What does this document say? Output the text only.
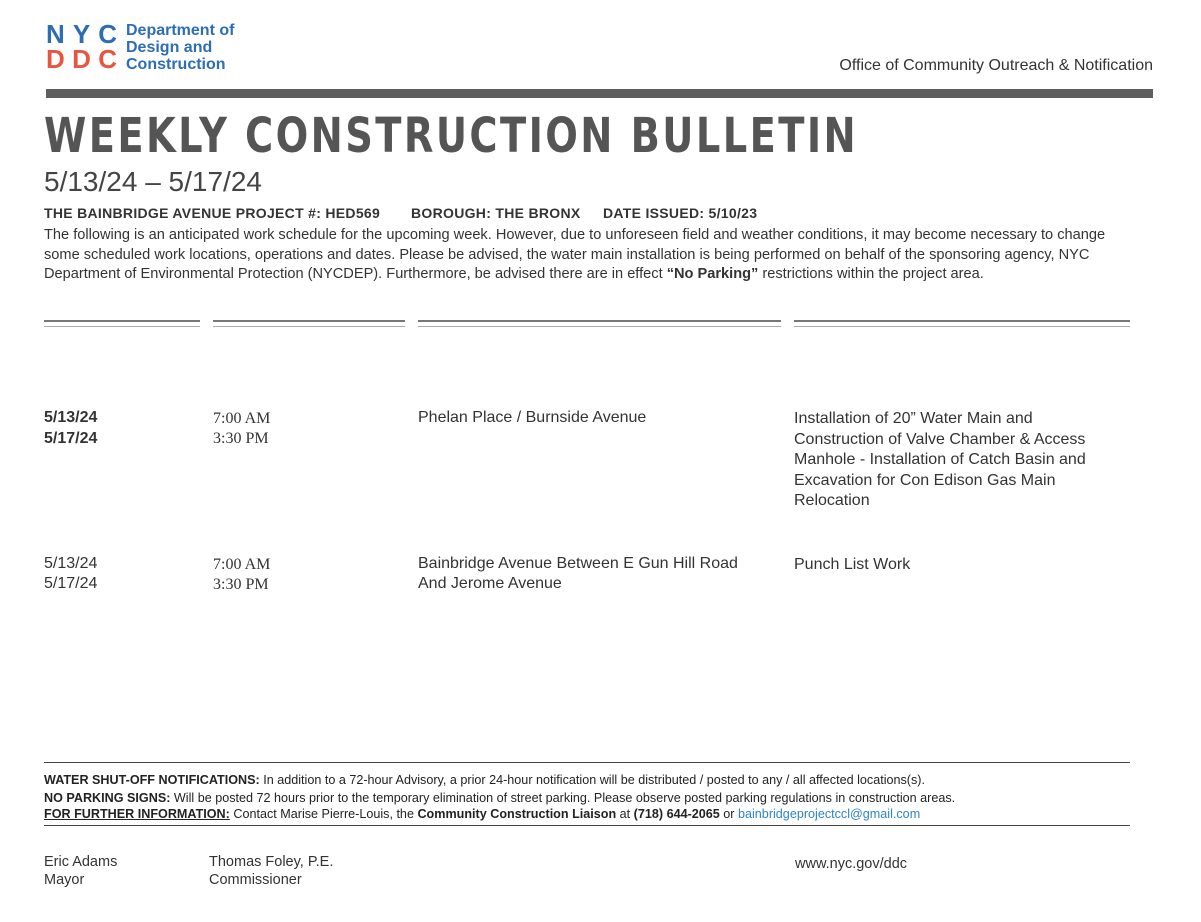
NYC
DDC
Department of
Design and
Construction	Office of Community Outreach & Notification
WEEKLY CONSTRUCTION BULLETIN
5/13/24 – 5/17/24
THE BAINBRIDGE AVENUE PROJECT #: HED569 BOROUGH: THE BRONX DATE ISSUED: 5/10/23
The following is an anticipated work schedule for the upcoming week. However, due to unforeseen field and weather conditions, it may become necessary to change some scheduled work locations, operations and dates. Please be advised, the water main installation is being performed on behalf of the sponsoring agency, NYC Department of Environmental Protection (NYCDEP). Furthermore, be advised there are in effect “No Parking” restrictions within the project area.
5/13/24
5/17/24
7:00 AM
3:30 PM
Phelan Place / Burnside Avenue	Installation of 20” Water Main and Construction of Valve Chamber & Access Manhole - Installation of Catch Basin and Excavation for Con Edison Gas Main Relocation
5/13/24
5/17/24
7:00 AM
3:30 PM
Bainbridge Avenue Between E Gun Hill Road
And Jerome Avenue
Punch List Work
WATER SHUT-OFF NOTIFICATIONS: In addition to a 72-hour Advisory, a prior 24-hour notification will be distributed / posted to any / all affected locations(s).
NO PARKING SIGNS: Will be posted 72 hours prior to the temporary elimination of street parking. Please observe posted parking regulations in construction areas.
FOR FURTHER INFORMATION: Contact Marise Pierre-Louis, the Community Construction Liaison at (718) 644-2065 or bainbridgeprojectccl@gmail.com
Eric Adams
Mayor
Thomas Foley, P.E.
Commissioner
www.nyc.gov/ddc
